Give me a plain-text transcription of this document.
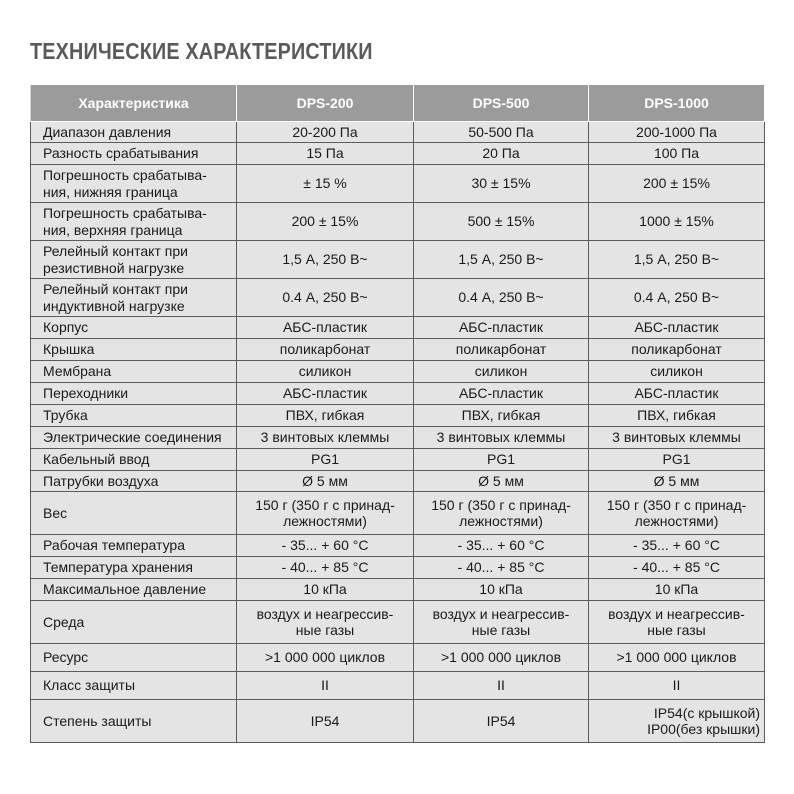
ТЕХНИЧЕСКИЕ ХАРАКТЕРИСТИКИ
Характеристика	DPS-200	DPS-500	DPS-1000
Диапазон давления	20-200 Па	50-500 Па	200-1000 Па
Разность срабатывания	15 Па	20 Па	100 Па
Погрешность срабатыва-
ния, нижняя граница	± 15 %	30 ± 15%	200 ± 15%
Погрешность срабатыва-
ния, верхняя граница	200 ± 15%	500 ± 15%	1000 ± 15%
Релейный контакт при
резистивной нагрузке	1,5 А, 250 В~	1,5 А, 250 В~	1,5 А, 250 В~
Релейный контакт при
индуктивной нагрузке	0.4 А, 250 В~	0.4 А, 250 В~	0.4 А, 250 В~
Корпус	АБС-пластик	АБС-пластик	АБС-пластик
Крышка	поликарбонат	поликарбонат	поликарбонат
Мембрана	силикон	силикон	силикон
Переходники	АБС-пластик	АБС-пластик	АБС-пластик
Трубка	ПВХ, гибкая	ПВХ, гибкая	ПВХ, гибкая
Электрические соединения	3 винтовых клеммы	3 винтовых клеммы	3 винтовых клеммы
Кабельный ввод	PG1	PG1	PG1
Патрубки воздуха	Ø 5 мм	Ø 5 мм	Ø 5 мм
Вес	150 г (350 г с принад-
лежностями)	150 г (350 г с принад-
лежностями)	150 г (350 г с принад-
лежностями)
Рабочая температура	- 35... + 60 °С	- 35... + 60 °С	- 35... + 60 °С
Температура хранения	- 40... + 85 °С	- 40... + 85 °С	- 40... + 85 °С
Максимальное давление	10 кПа	10 кПа	10 кПа
Среда	воздух и неагрессив-
ные газы	воздух и неагрессив-
ные газы	воздух и неагрессив-
ные газы
Ресурс	>1 000 000 циклов	>1 000 000 циклов	>1 000 000 циклов
Класс защиты	II	II	II
Степень защиты	IP54	IP54	IP54(с крышкой)
IP00(без крышки)
